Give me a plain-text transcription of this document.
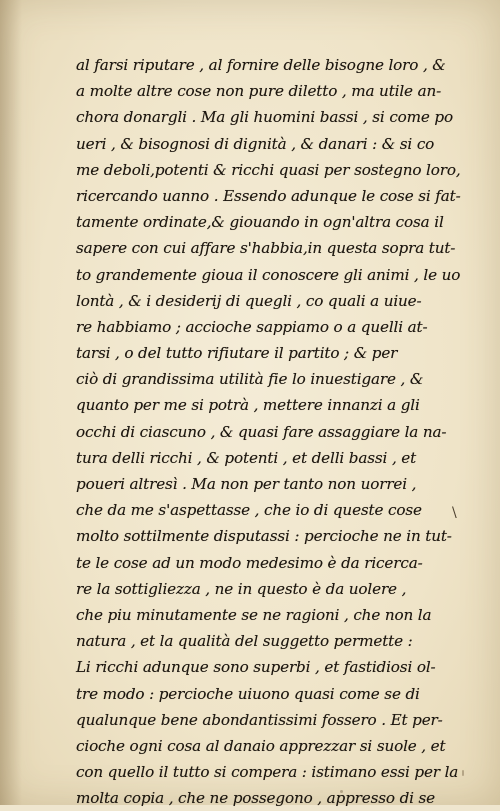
al farsi riputare , al fornire delle bisogne loro , &
a molte altre cose non pure diletto , ma utile an-
chora donargli . Ma gli huomini bassi , si come po
ueri , & bisognosi di dignità , & danari : & si co
me deboli,potenti & ricchi quasi per sostegno loro,
ricercando uanno . Essendo adunque le cose si fat-
tamente ordinate,& giouando in ogn'altra cosa il
sapere con cui affare s'habbia,in questa sopra tut-
to grandemente gioua il conoscere gli animi , le uo
lontà , & i desiderij di quegli , co quali a uiue-
re habbiamo ; accioche sappiamo o a quelli at-
tarsi , o del tutto rifiutare il partito ; & per
ciò di grandissima utilità fie lo inuestigare , &
quanto per me si potrà , mettere innanzi a gli
occhi di ciascuno , & quasi fare assaggiare la na-
tura delli ricchi , & potenti , et delli bassi , et
poueri altresì . Ma non per tanto non uorrei ,
che da me s'aspettasse , che io di queste cose
molto sottilmente disputassi : percioche ne in tut-
te le cose ad un modo medesimo è da ricerca-
re la sottigliezza , ne in questo è da uolere ,
che piu minutamente se ne ragioni , che non la
natura , et la qualità del suggetto permette :
Li ricchi adunque sono superbi , et fastidiosi ol-
tre modo : percioche uiuono quasi come se di
qualunque bene abondantissimi fossero . Et per-
cioche ogni cosa al danaio apprezzar si suole , et
con quello il tutto si compera : istimano essi per la
molta copia , che ne possegono , appresso di se
\
